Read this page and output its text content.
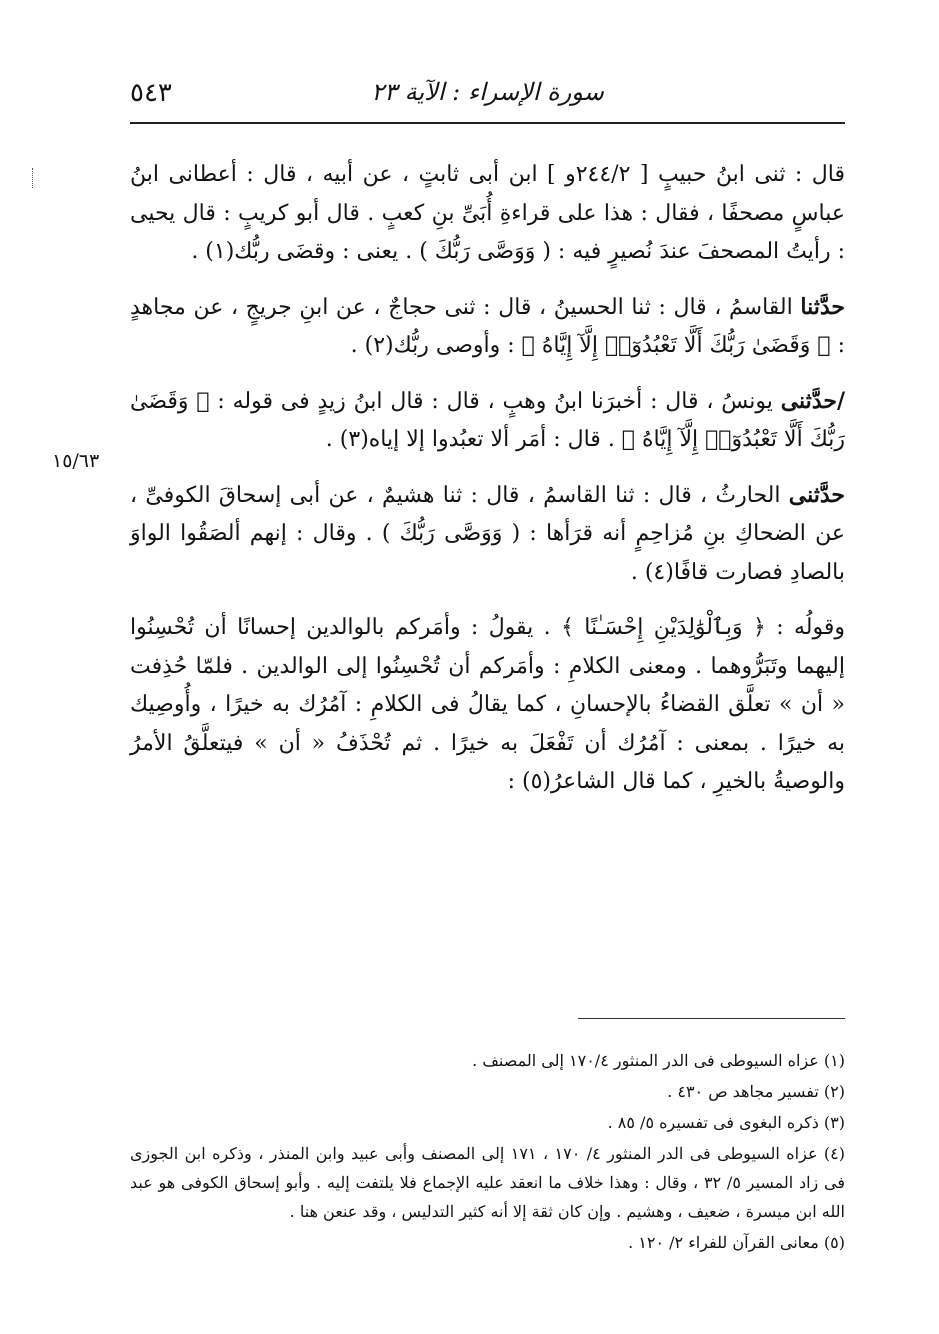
٥٤٣	سورة الإسراء : الآية ٢٣
١٥/٦٣

قال : ثنى ابنُ حبيبٍ [ ٢٤٤/٢و ] ابن أبى ثابتٍ ، عن أبيه ، قال : أعطانى ابنُ عباسٍ مصحفًا ، فقال : هذا على قراءةِ أُبَىِّ بنِ كعبٍ . قال أبو كريبٍ : قال يحيى : رأيتُ المصحفَ عندَ نُصيرٍ فيه : ( وَوَصَّى رَبُّكَ ) . يعنى : وقضَى ربُّك(١) .

حدَّثنا القاسمُ ، قال : ثنا الحسينُ ، قال : ثنى حجاجٌ ، عن ابنِ جريجٍ ، عن مجاهدٍ : ﴿ وَقَضَىٰ رَبُّكَ أَلَّا تَعْبُدُوٓا۟ إِلَّآ إِيَّاهُ ﴾ : وأوصى ربُّك(٢) .

/حدَّثنى يونسُ ، قال : أخبرَنا ابنُ وهبٍ ، قال : قال ابنُ زيدٍ فى قوله : ﴿ وَقَضَىٰ رَبُّكَ أَلَّا تَعْبُدُوٓا۟ إِلَّآ إِيَّاهُ ﴾ . قال : أمَر ألا تعبُدوا إلا إياه(٣) .

حدَّثنى الحارثُ ، قال : ثنا القاسمُ ، قال : ثنا هشيمٌ ، عن أبى إسحاقَ الكوفىِّ ، عن الضحاكِ بنِ مُزاحِمٍ أنه قرَأها : ( وَوَصَّى رَبُّكَ ) . وقال : إنهم ألصَقُوا الواوَ بالصادِ فصارت قافًا(٤) .

وقولُه : ﴿ وَبِٱلْوَٰلِدَيْنِ إِحْسَـٰنًا ﴾ . يقولُ : وأمَركم بالوالدين إحسانًا أن تُحْسِنُوا إليهما وتَبَرُّوهما . ومعنى الكلامِ : وأمَركم أن تُحْسِنُوا إلى الوالدين . فلمّا حُذِفت « أن » تعلَّق القضاءُ بالإحسانِ ، كما يقالُ فى الكلامِ : آمُرُك به خيرًا ، وأُوصِيك به خيرًا . بمعنى : آمُرُك أن تَفْعَلَ به خيرًا . ثم تُحْذَفُ « أن » فيتعلَّقُ الأمرُ والوصيةُ بالخيرِ ، كما قال الشاعرُ(٥) :

(١) عزاه السيوطى فى الدر المنثور ١٧٠/٤ إلى المصنف .

(٢) تفسير مجاهد ص ٤٣٠ .

(٣) ذكره البغوى فى تفسيره ٥/ ٨٥ .

(٤) عزاه السيوطى فى الدر المنثور ٤/ ١٧٠ ، ١٧١ إلى المصنف وأبى عبيد وابن المنذر ، وذكره ابن الجوزى فى زاد المسير ٥/ ٣٢ ، وقال : وهذا خلاف ما انعقد عليه الإجماع فلا يلتفت إليه . وأبو إسحاق الكوفى هو عبد الله ابن ميسرة ، ضعيف ، وهشيم . وإن كان ثقة إلا أنه كثير التدليس ، وقد عنعن هنا .

(٥) معانى القرآن للفراء ٢/ ١٢٠ .
